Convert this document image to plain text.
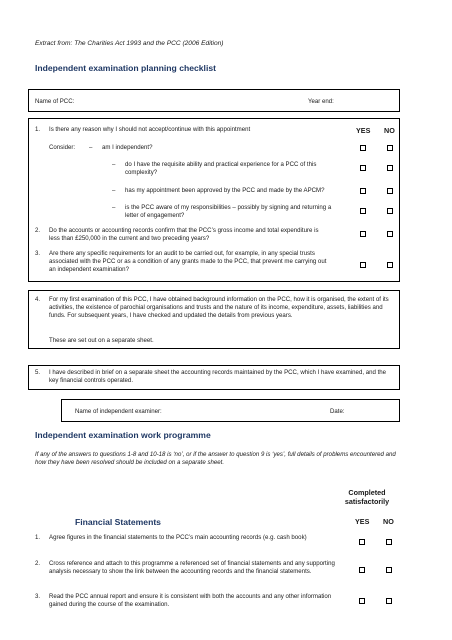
Extract from: The Charities Act 1993 and the PCC (2006 Edition)
Independent examination planning checklist
Name of PCC:	Year end:
1. Is there any reason why I should not accept/continue with this appointment	YES NO
Consider: – am I independent?
– do I have the requisite ability and practical experience for a PCC of this complexity?
– has my appointment been approved by the PCC and made by the APCM?
– is the PCC aware of my responsibilities – possibly by signing and returning a letter of engagement?
2. Do the accounts or accounting records confirm that the PCC’s gross income and total expenditure is less than £250,000 in the current and two preceding years?
3. Are there any specific requirements for an audit to be carried out, for example, in any special trusts associated with the PCC or as a condition of any grants made to the PCC, that prevent me carrying out an independent examination?
4. For my first examination of this PCC, I have obtained background information on the PCC, how it is organised, the extent of its activities, the existence of parochial organisations and trusts and the nature of its income, expenditure, assets, liabilities and funds. For subsequent years, I have checked and updated the details from previous years.
These are set out on a separate sheet.
5. I have described in brief on a separate sheet the accounting records maintained by the PCC, which I have examined, and the key financial controls operated.
Name of independent examiner:	Date:
Independent examination work programme
If any of the answers to questions 1-8 and 10-18 is ‘no’, or if the answer to question 9 is ‘yes’, full details of problems encountered and how they have been resolved should be included on a separate sheet.
Completed
satisfactorily
Financial Statements	YES NO
1. Agree figures in the financial statements to the PCC’s main accounting records (e.g. cash book)
2. Cross reference and attach to this programme a referenced set of financial statements and any supporting analysis necessary to show the link between the accounting records and the financial statements.
3. Read the PCC annual report and ensure it is consistent with both the accounts and any other information gained during the course of the examination.
